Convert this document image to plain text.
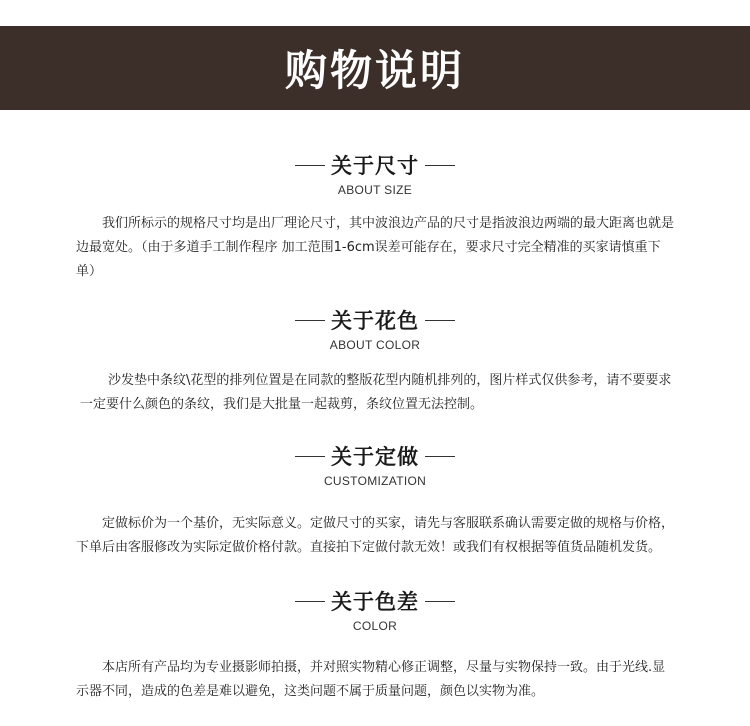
购物说明
关于尺寸
ABOUT SIZE

我们所标示的规格尺寸均是出厂理论尺寸，其中波浪边产品的尺寸是指波浪边两端的最大距离也就是边最宽处。（由于多道手工制作程序 加工范围1-6cm误差可能存在，要求尺寸完全精准的买家请慎重下单）

关于花色
ABOUT COLOR

沙发垫中条纹\花型的排列位置是在同款的整版花型内随机排列的，图片样式仅供参考，请不要要求一定要什么颜色的条纹，我们是大批量一起裁剪，条纹位置无法控制。

关于定做
CUSTOMIZATION

定做标价为一个基价，无实际意义。定做尺寸的买家，请先与客服联系确认需要定做的规格与价格，下单后由客服修改为实际定做价格付款。直接拍下定做付款无效！或我们有权根据等值货品随机发货。

关于色差
COLOR

本店所有产品均为专业摄影师拍摄，并对照实物精心修正调整，尽量与实物保持一致。由于光线.显示器不同，造成的色差是难以避免，这类问题不属于质量问题，颜色以实物为准。
